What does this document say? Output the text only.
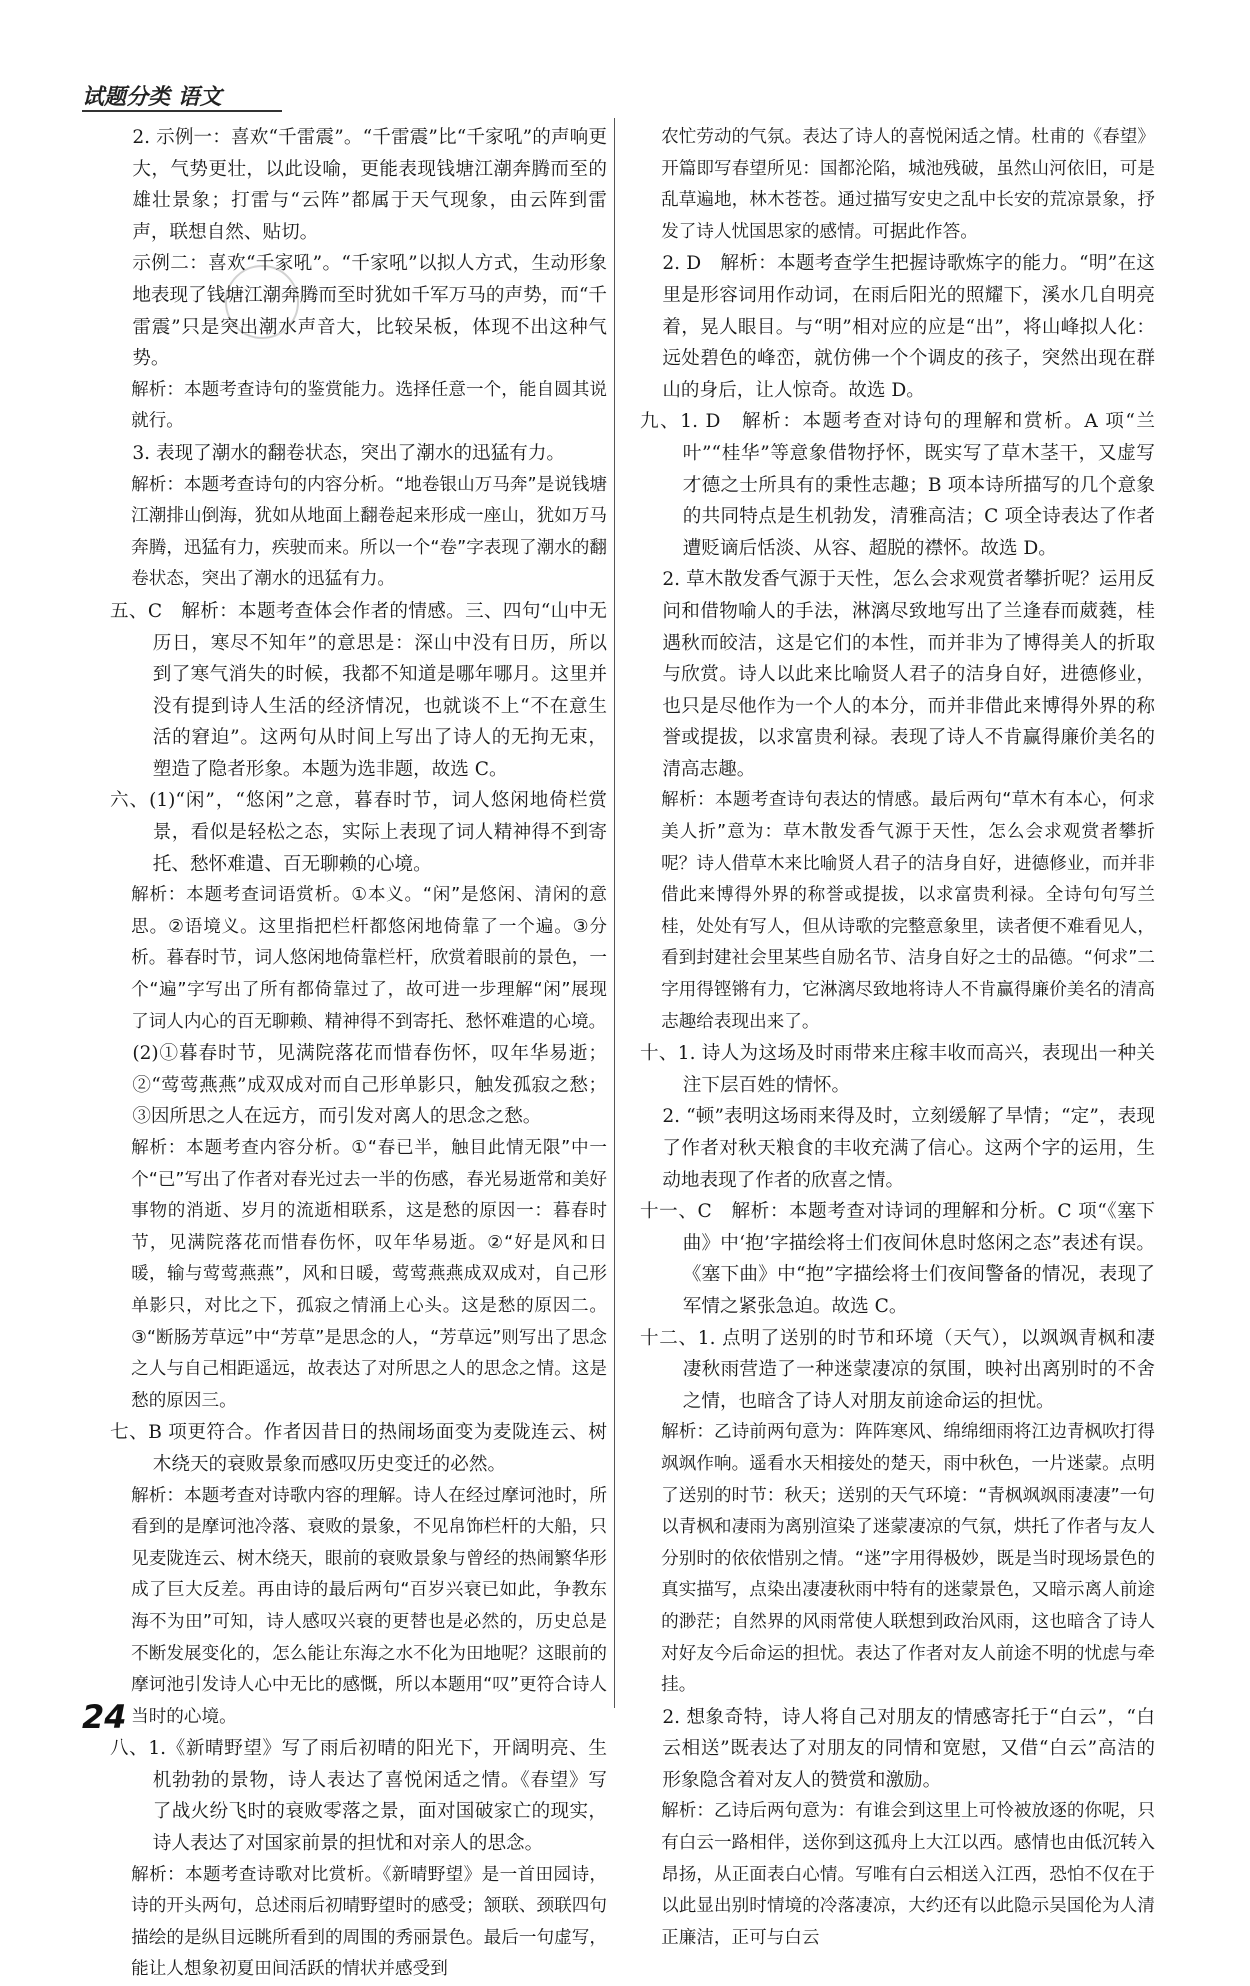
试题分类 语文

2. 示例一：喜欢“千雷震”。“千雷震”比“千家吼”的声响更大，气势更壮，以此设喻，更能表现钱塘江潮奔腾而至的雄壮景象；打雷与“云阵”都属于天气现象，由云阵到雷声，联想自然、贴切。

示例二：喜欢“千家吼”。“千家吼”以拟人方式，生动形象地表现了钱塘江潮奔腾而至时犹如千军万马的声势，而“千雷震”只是突出潮水声音大，比较呆板，体现不出这种气势。

解析：本题考查诗句的鉴赏能力。选择任意一个，能自圆其说就行。

3. 表现了潮水的翻卷状态，突出了潮水的迅猛有力。

解析：本题考查诗句的内容分析。“地卷银山万马奔”是说钱塘江潮排山倒海，犹如从地面上翻卷起来形成一座山，犹如万马奔腾，迅猛有力，疾驶而来。所以一个“卷”字表现了潮水的翻卷状态，突出了潮水的迅猛有力。

五、C　解析：本题考查体会作者的情感。三、四句“山中无历日，寒尽不知年”的意思是：深山中没有日历，所以到了寒气消失的时候，我都不知道是哪年哪月。这里并没有提到诗人生活的经济情况，也就谈不上“不在意生活的窘迫”。这两句从时间上写出了诗人的无拘无束，塑造了隐者形象。本题为选非题，故选 C。

六、(1)“闲”，“悠闲”之意，暮春时节，词人悠闲地倚栏赏景，看似是轻松之态，实际上表现了词人精神得不到寄托、愁怀难遣、百无聊赖的心境。

解析：本题考查词语赏析。①本义。“闲”是悠闲、清闲的意思。②语境义。这里指把栏杆都悠闲地倚靠了一个遍。③分析。暮春时节，词人悠闲地倚靠栏杆，欣赏着眼前的景色，一个“遍”字写出了所有都倚靠过了，故可进一步理解“闲”展现了词人内心的百无聊赖、精神得不到寄托、愁怀难遣的心境。

(2)①暮春时节，见满院落花而惜春伤怀，叹年华易逝；②“莺莺燕燕”成双成对而自己形单影只，触发孤寂之愁；③因所思之人在远方，而引发对离人的思念之愁。

解析：本题考查内容分析。①“春已半，触目此情无限”中一个“已”写出了作者对春光过去一半的伤感，春光易逝常和美好事物的消逝、岁月的流逝相联系，这是愁的原因一：暮春时节，见满院落花而惜春伤怀，叹年华易逝。②“好是风和日暖，输与莺莺燕燕”，风和日暖，莺莺燕燕成双成对，自己形单影只，对比之下，孤寂之情涌上心头。这是愁的原因二。③“断肠芳草远”中“芳草”是思念的人，“芳草远”则写出了思念之人与自己相距遥远，故表达了对所思之人的思念之情。这是愁的原因三。

七、B 项更符合。作者因昔日的热闹场面变为麦陇连云、树木绕天的衰败景象而感叹历史变迁的必然。

解析：本题考查对诗歌内容的理解。诗人在经过摩诃池时，所看到的是摩诃池冷落、衰败的景象，不见帛饰栏杆的大船，只见麦陇连云、树木绕天，眼前的衰败景象与曾经的热闹繁华形成了巨大反差。再由诗的最后两句“百岁兴衰已如此，争教东海不为田”可知，诗人感叹兴衰的更替也是必然的，历史总是不断发展变化的，怎么能让东海之水不化为田地呢？这眼前的摩诃池引发诗人心中无比的感慨，所以本题用“叹”更符合诗人当时的心境。

八、1.《新晴野望》写了雨后初晴的阳光下，开阔明亮、生机勃勃的景物，诗人表达了喜悦闲适之情。《春望》写了战火纷飞时的衰败零落之景，面对国破家亡的现实，诗人表达了对国家前景的担忧和对亲人的思念。

解析：本题考查诗歌对比赏析。《新晴野望》是一首田园诗，诗的开头两句，总述雨后初晴野望时的感受；颔联、颈联四句描绘的是纵目远眺所看到的周围的秀丽景色。最后一句虚写，能让人想象初夏田间活跃的情状并感受到

农忙劳动的气氛。表达了诗人的喜悦闲适之情。杜甫的《春望》开篇即写春望所见：国都沦陷，城池残破，虽然山河依旧，可是乱草遍地，林木苍苍。通过描写安史之乱中长安的荒凉景象，抒发了诗人忧国思家的感情。可据此作答。

2. D　解析：本题考查学生把握诗歌炼字的能力。“明”在这里是形容词用作动词，在雨后阳光的照耀下，溪水几自明亮着，晃人眼目。与“明”相对应的应是“出”，将山峰拟人化：远处碧色的峰峦，就仿佛一个个调皮的孩子，突然出现在群山的身后，让人惊奇。故选 D。

九、1. D　解析：本题考查对诗句的理解和赏析。A 项“兰叶”“桂华”等意象借物抒怀，既实写了草木茎干，又虚写才德之士所具有的秉性志趣；B 项本诗所描写的几个意象的共同特点是生机勃发，清雅高洁；C 项全诗表达了作者遭贬谪后恬淡、从容、超脱的襟怀。故选 D。

2. 草木散发香气源于天性，怎么会求观赏者攀折呢？运用反问和借物喻人的手法，淋漓尽致地写出了兰逢春而葳蕤，桂遇秋而皎洁，这是它们的本性，而并非为了博得美人的折取与欣赏。诗人以此来比喻贤人君子的洁身自好，进德修业，也只是尽他作为一个人的本分，而并非借此来博得外界的称誉或提拔，以求富贵利禄。表现了诗人不肯赢得廉价美名的清高志趣。

解析：本题考查诗句表达的情感。最后两句“草木有本心，何求美人折”意为：草木散发香气源于天性，怎么会求观赏者攀折呢？诗人借草木来比喻贤人君子的洁身自好，进德修业，而并非借此来博得外界的称誉或提拔，以求富贵利禄。全诗句句写兰桂，处处有写人，但从诗歌的完整意象里，读者便不难看见人，看到封建社会里某些自励名节、洁身自好之士的品德。“何求”二字用得铿锵有力，它淋漓尽致地将诗人不肯赢得廉价美名的清高志趣给表现出来了。

十、1. 诗人为这场及时雨带来庄稼丰收而高兴，表现出一种关注下层百姓的情怀。

2. “顿”表明这场雨来得及时，立刻缓解了旱情；“定”，表现了作者对秋天粮食的丰收充满了信心。这两个字的运用，生动地表现了作者的欣喜之情。

十一、C　解析：本题考查对诗词的理解和分析。C 项“《塞下曲》中‘抱’字描绘将士们夜间休息时悠闲之态”表述有误。《塞下曲》中“抱”字描绘将士们夜间警备的情况，表现了军情之紧张急迫。故选 C。

十二、1. 点明了送别的时节和环境（天气），以飒飒青枫和凄凄秋雨营造了一种迷蒙凄凉的氛围，映衬出离别时的不舍之情，也暗含了诗人对朋友前途命运的担忧。

解析：乙诗前两句意为：阵阵寒风、绵绵细雨将江边青枫吹打得飒飒作响。遥看水天相接处的楚天，雨中秋色，一片迷蒙。点明了送别的时节：秋天；送别的天气环境：“青枫飒飒雨凄凄”一句以青枫和凄雨为离别渲染了迷蒙凄凉的气氛，烘托了作者与友人分别时的依依惜别之情。“迷”字用得极妙，既是当时现场景色的真实描写，点染出凄凄秋雨中特有的迷蒙景色，又暗示离人前途的渺茫；自然界的风雨常使人联想到政治风雨，这也暗含了诗人对好友今后命运的担忧。表达了作者对友人前途不明的忧虑与牵挂。

2. 想象奇特，诗人将自己对朋友的情感寄托于“白云”，“白云相送”既表达了对朋友的同情和宽慰，又借“白云”高洁的形象隐含着对友人的赞赏和激励。

解析：乙诗后两句意为：有谁会到这里上可怜被放逐的你呢，只有白云一路相伴，送你到这孤舟上大江以西。感情也由低沉转入昂扬，从正面表白心情。写唯有白云相送入江西，恐怕不仅在于以此显出别时情境的冷落凄凉，大约还有以此隐示吴国伦为人清正廉洁，正可与白云

24
